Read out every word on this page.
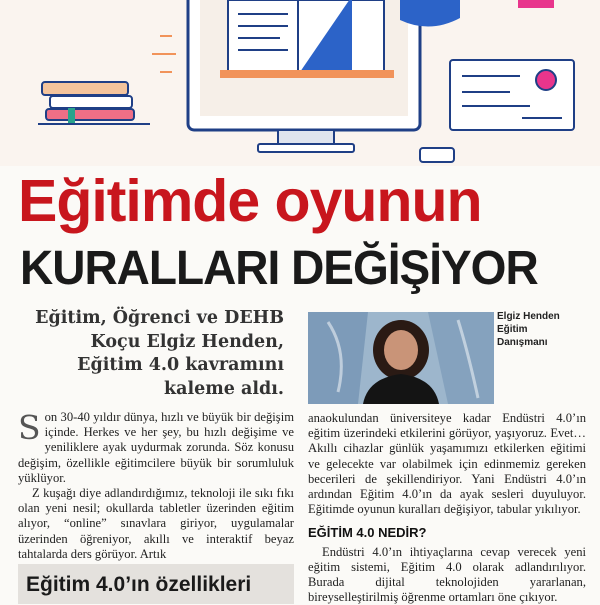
Eğitimde oyunun
KURALLARI DEĞİŞİYOR
Eğitim, Öğrenci ve DEHB Koçu Elgiz Henden, Eğitim 4.0 kavramını kaleme aldı.
Elgiz Henden
Eğitim
Danışmanı

Son 30-40 yıldır dünya, hızlı ve büyük bir değişim içinde. Herkes ve her şey, bu hızlı değişime ve yeniliklere ayak uydurmak zorunda. Söz konusu değişim, özellikle eğitimcilere büyük bir sorumluluk yüklüyor.

Z kuşağı diye adlandırdığımız, teknoloji ile sıkı fıkı olan yeni nesil; okullarda tabletler üzerinden eğitim alıyor, “online” sınavlara giriyor, uygulamalar üzerinden öğreniyor, akıllı ve interaktif beyaz tahtalarda ders görüyor. Artık

anaokulundan üniversiteye kadar Endüstri 4.0’ın eğitim üzerindeki etkilerini görüyor, yaşıyoruz. Evet… Akıllı cihazlar günlük yaşamımızı etkilerken eğitimi ve gelecekte var olabilmek için edinmemiz gereken becerileri de şekillendiriyor. Yani Endüstri 4.0’ın ardından Eğitim 4.0’ın da ayak sesleri duyuluyor. Eğitimde oyunun kuralları değişiyor, tabular yıkılıyor.

EĞİTİM 4.0 NEDİR?

Endüstri 4.0’ın ihtiyaçlarına cevap verecek yeni eğitim sistemi, Eğitim 4.0 olarak adlandırılıyor. Burada dijital teknolojiden yararlanan, bireyselleştirilmiş öğrenme ortamları öne çıkıyor.

Eğitim 4.0’ın özellikleri
